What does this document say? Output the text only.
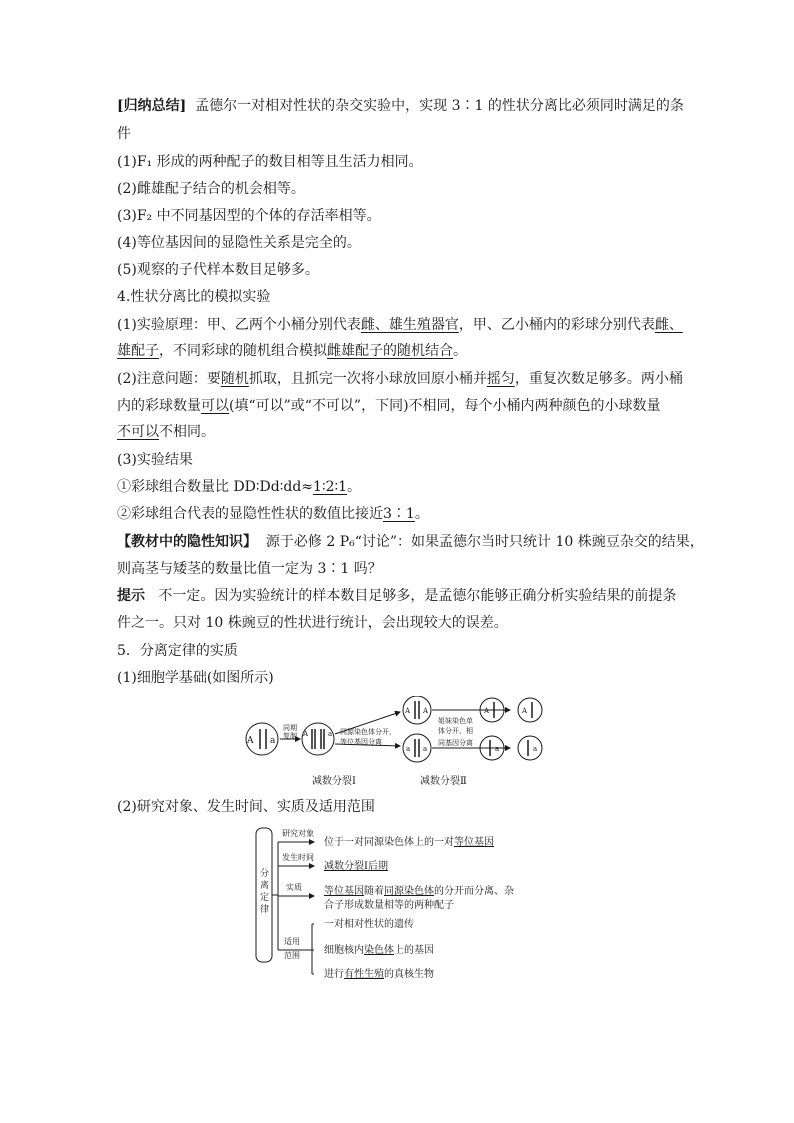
[归纳总结] 孟德尔一对相对性状的杂交实验中，实现 3∶1 的性状分离比必须同时满足的条
件
(1)F₁ 形成的两种配子的数目相等且生活力相同。
(2)雌雄配子结合的机会相等。
(3)F₂ 中不同基因型的个体的存活率相等。
(4)等位基因间的显隐性关系是完全的。
(5)观察的子代样本数目足够多。
4.性状分离比的模拟实验
(1)实验原理：甲、乙两个小桶分别代表雌、雄生殖器官，甲、乙小桶内的彩球分别代表雌、
雄配子，不同彩球的随机组合模拟雌雄配子的随机结合。
(2)注意问题：要随机抓取，且抓完一次将小球放回原小桶并摇匀，重复次数足够多。两小桶
内的彩球数量可以(填“可以”或“不可以”，下同)不相同，每个小桶内两种颜色的小球数量
不可以不相同。
(3)实验结果
①彩球组合数量比 DD∶Dd∶dd≈1∶2∶1。
②彩球组合代表的显隐性性状的数值比接近3∶1。
【教材中的隐性知识】 源于必修 2 P₆“讨论”：如果孟德尔当时只统计 10 株豌豆杂交的结果，
则高茎与矮茎的数量比值一定为 3∶1 吗？
提示 不一定。因为实验统计的样本数目足够多，是孟德尔能够正确分析实验结果的前提条
件之一。只对 10 株豌豆的性状进行统计，会出现较大的误差。
5．分离定律的实质
(1)细胞学基础(如图所示)
A a
同期
复制 A	a 同源染色体分开，
等位基因分离
A A
a a
姐妹染色单
体分开、相
同基因分离
A	A
a	a
减数分裂Ⅰ	减数分裂Ⅱ
(2)研究对象、发生时间、实质及适用范围
分
离
定
律
研究对象
发生时间
实质
适用
范围
位于一对同源染色体上的一对等位基因
减数分裂Ⅰ后期
等位基因随着同源染色体的分开而分离、杂
合子形成数量相等的两种配子
一对相对性状的遗传
细胞核内染色体上的基因
进行有性生殖的真核生物
